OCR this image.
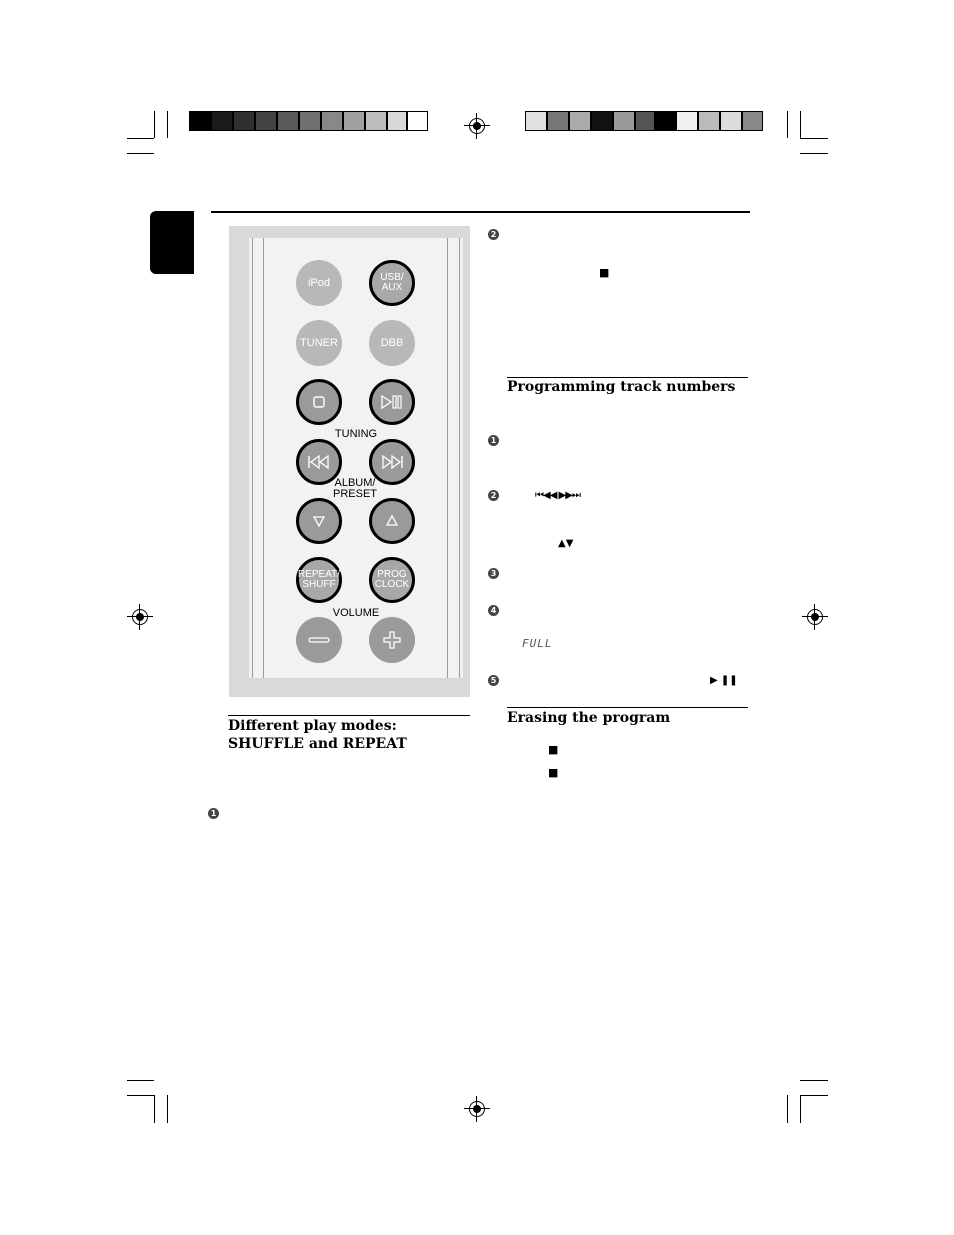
iPod	USB/
AUX
TUNER	DBB
TUNING
ALBUM/
PRESET
REPEAT/
SHUFF
PROG
CLOCK
VOLUME
Different play modes: SHUFFLE and REPEAT
1
2
■
Programming track numbers
1
2	⏮◀◀ ▶▶⏭
▲▼
3
4
FULL
5	▶ ❚❚
Erasing the program
■
■
